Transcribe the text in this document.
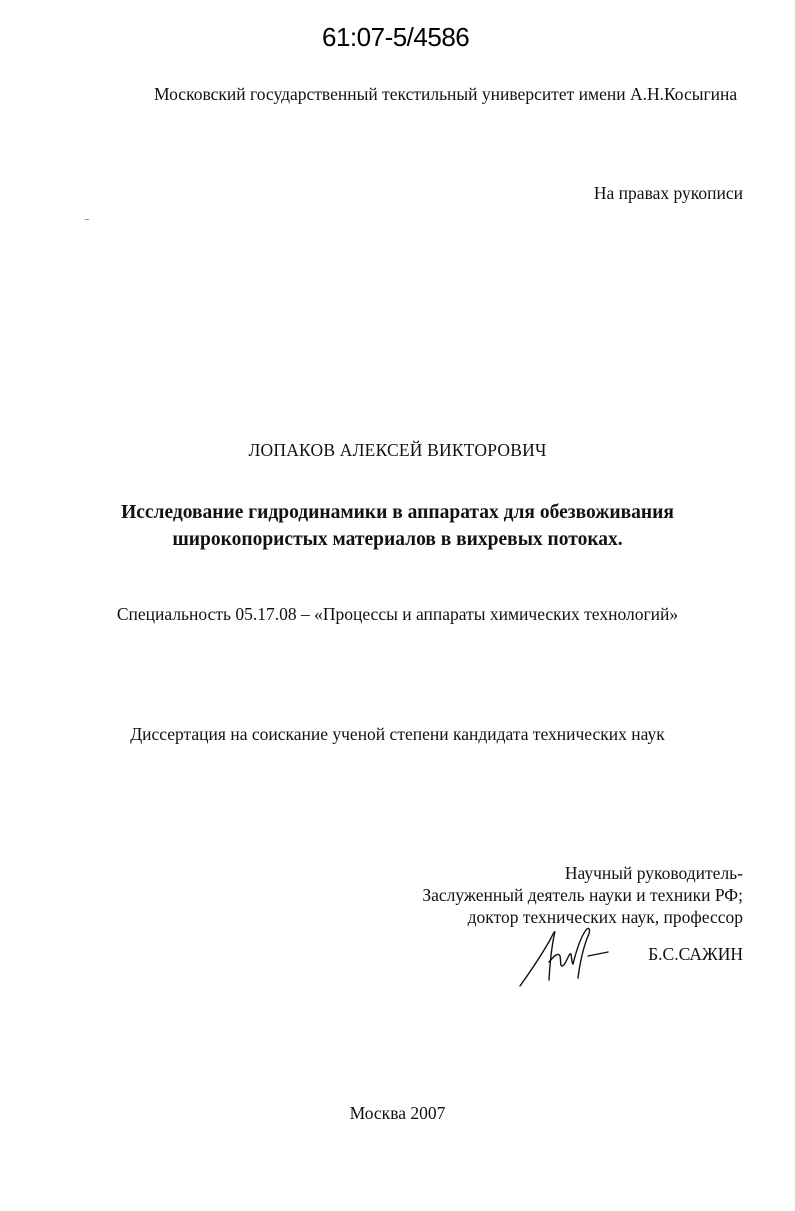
61:07-5/4586
Московский государственный текстильный университет имени А.Н.Косыгина
На правах рукописи
ЛОПАКОВ АЛЕКСЕЙ ВИКТОРОВИЧ
Исследование гидродинамики в аппаратах для обезвоживания
широкопористых материалов в вихревых потоках.
Специальность 05.17.08 – «Процессы и аппараты химических технологий»
Диссертация на соискание ученой степени кандидата технических наук
Научный руководитель-
Заслуженный деятель науки и техники РФ;
доктор технических наук, профессор
Б.С.САЖИН
Москва 2007
